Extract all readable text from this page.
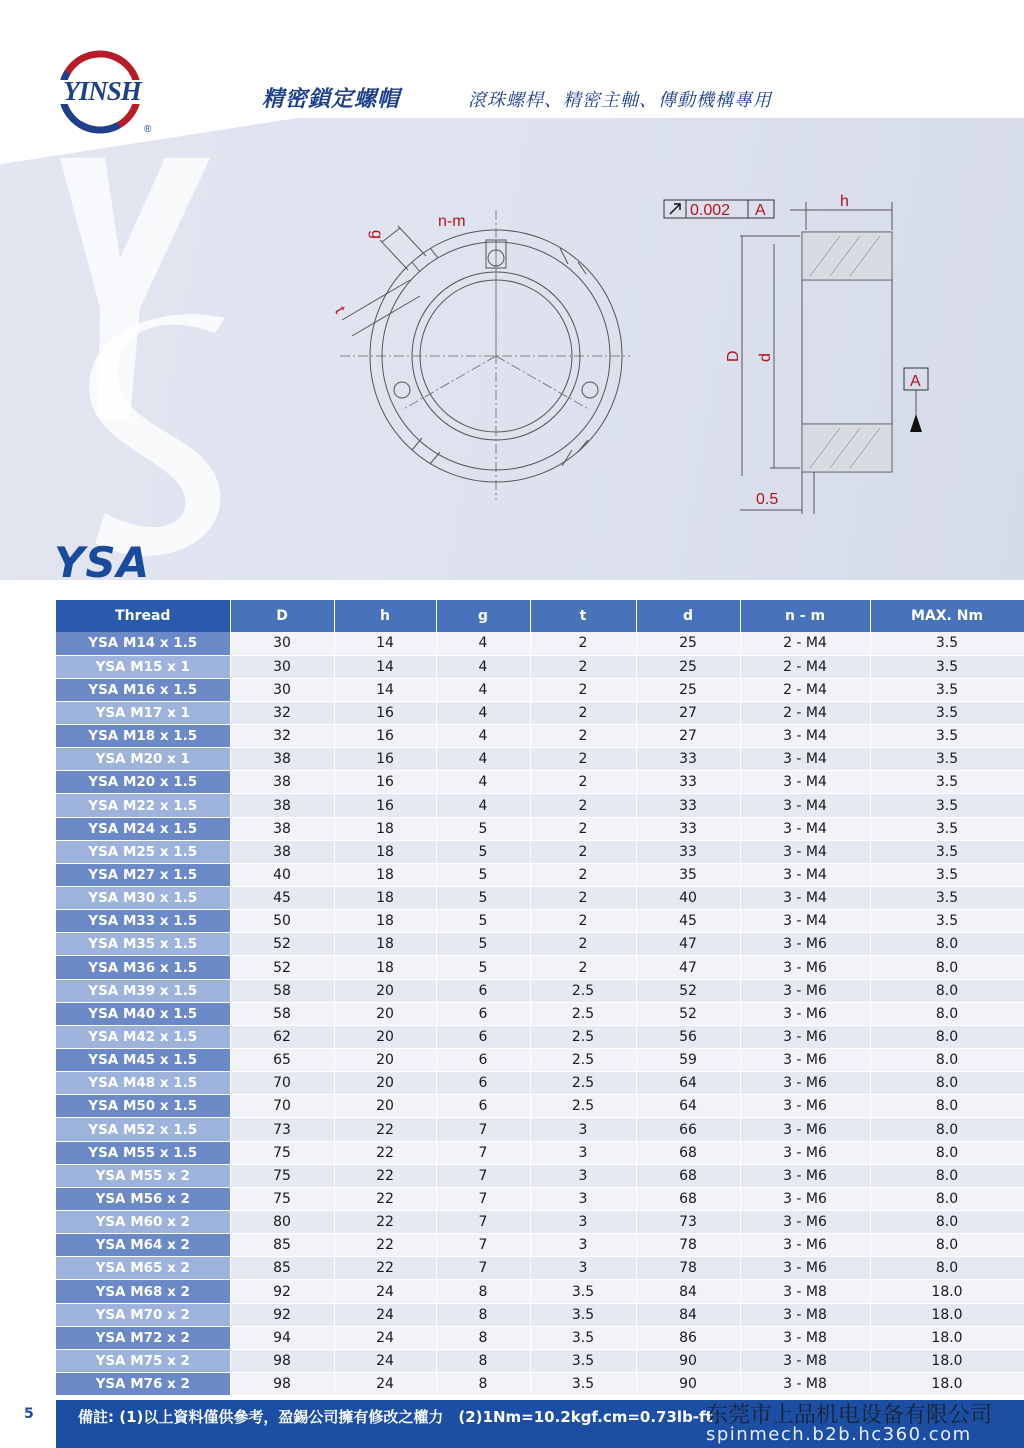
YINSH
®
精密鎖定螺帽	滾珠螺桿、精密主軸、傳動機構專用
n-m
g
t
0.002 A
A
h
D d
0.5
YSA
Thread	D	h	g	t	d	n - m	MAX. Nm
YSA M14 x 1.5	30	14	4	2	25	2 - M4	3.5
YSA M15 x 1	30	14	4	2	25	2 - M4	3.5
YSA M16 x 1.5	30	14	4	2	25	2 - M4	3.5
YSA M17 x 1	32	16	4	2	27	2 - M4	3.5
YSA M18 x 1.5	32	16	4	2	27	3 - M4	3.5
YSA M20 x 1	38	16	4	2	33	3 - M4	3.5
YSA M20 x 1.5	38	16	4	2	33	3 - M4	3.5
YSA M22 x 1.5	38	16	4	2	33	3 - M4	3.5
YSA M24 x 1.5	38	18	5	2	33	3 - M4	3.5
YSA M25 x 1.5	38	18	5	2	33	3 - M4	3.5
YSA M27 x 1.5	40	18	5	2	35	3 - M4	3.5
YSA M30 x 1.5	45	18	5	2	40	3 - M4	3.5
YSA M33 x 1.5	50	18	5	2	45	3 - M4	3.5
YSA M35 x 1.5	52	18	5	2	47	3 - M6	8.0
YSA M36 x 1.5	52	18	5	2	47	3 - M6	8.0
YSA M39 x 1.5	58	20	6	2.5	52	3 - M6	8.0
YSA M40 x 1.5	58	20	6	2.5	52	3 - M6	8.0
YSA M42 x 1.5	62	20	6	2.5	56	3 - M6	8.0
YSA M45 x 1.5	65	20	6	2.5	59	3 - M6	8.0
YSA M48 x 1.5	70	20	6	2.5	64	3 - M6	8.0
YSA M50 x 1.5	70	20	6	2.5	64	3 - M6	8.0
YSA M52 x 1.5	73	22	7	3	66	3 - M6	8.0
YSA M55 x 1.5	75	22	7	3	68	3 - M6	8.0
YSA M55 x 2	75	22	7	3	68	3 - M6	8.0
YSA M56 x 2	75	22	7	3	68	3 - M6	8.0
YSA M60 x 2	80	22	7	3	73	3 - M6	8.0
YSA M64 x 2	85	22	7	3	78	3 - M6	8.0
YSA M65 x 2	85	22	7	3	78	3 - M6	8.0
YSA M68 x 2	92	24	8	3.5	84	3 - M8	18.0
YSA M70 x 2	92	24	8	3.5	84	3 - M8	18.0
YSA M72 x 2	94	24	8	3.5	86	3 - M8	18.0
YSA M75 x 2	98	24	8	3.5	90	3 - M8	18.0
YSA M76 x 2	98	24	8	3.5	90	3 - M8	18.0
5	備註: (1)以上資料僅供參考，盈錫公司擁有修改之權力　(2)1Nm=10.2kgf.cm=0.73lb-ft
东莞市上品机电设备有限公司
spinmech.b2b.hc360.com
